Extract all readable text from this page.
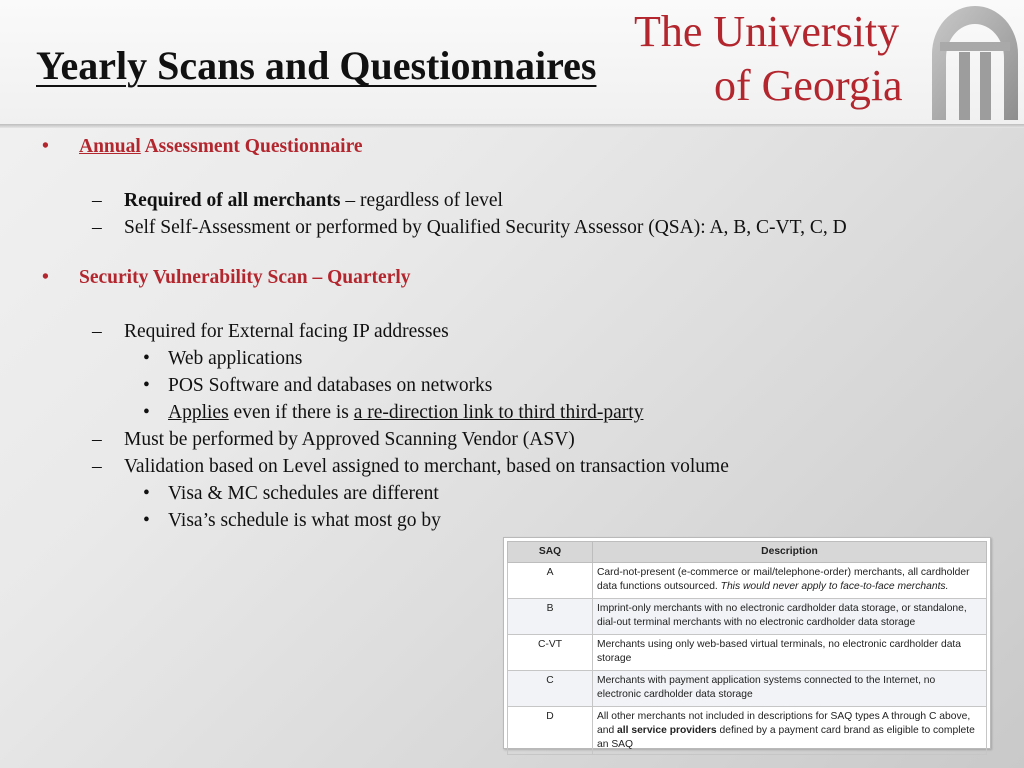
Yearly Scans and Questionnaires
The University
of Georgia
• Annual Assessment Questionnaire
– Required of all merchants – regardless of level
– Self Self-Assessment or performed by Qualified Security Assessor (QSA): A, B, C-VT, C, D
• Security Vulnerability Scan – Quarterly
– Required for External facing IP addresses
• Web applications
• POS Software and databases on networks
• Applies even if there is a re-direction link to third third-party
– Must be performed by Approved Scanning Vendor (ASV)
– Validation based on Level assigned to merchant, based on transaction volume
• Visa & MC schedules are different
• Visa’s schedule is what most go by
SAQ	Description
A	Card-not-present (e-commerce or mail/telephone-order) merchants, all cardholder data functions outsourced. This would never apply to face-to-face merchants.
B	Imprint-only merchants with no electronic cardholder data storage, or standalone, dial-out terminal merchants with no electronic cardholder data storage
C-VT	Merchants using only web-based virtual terminals, no electronic cardholder data storage
C	Merchants with payment application systems connected to the Internet, no electronic cardholder data storage
D	All other merchants not included in descriptions for SAQ types A through C above, and all service providers defined by a payment card brand as eligible to complete an SAQ
